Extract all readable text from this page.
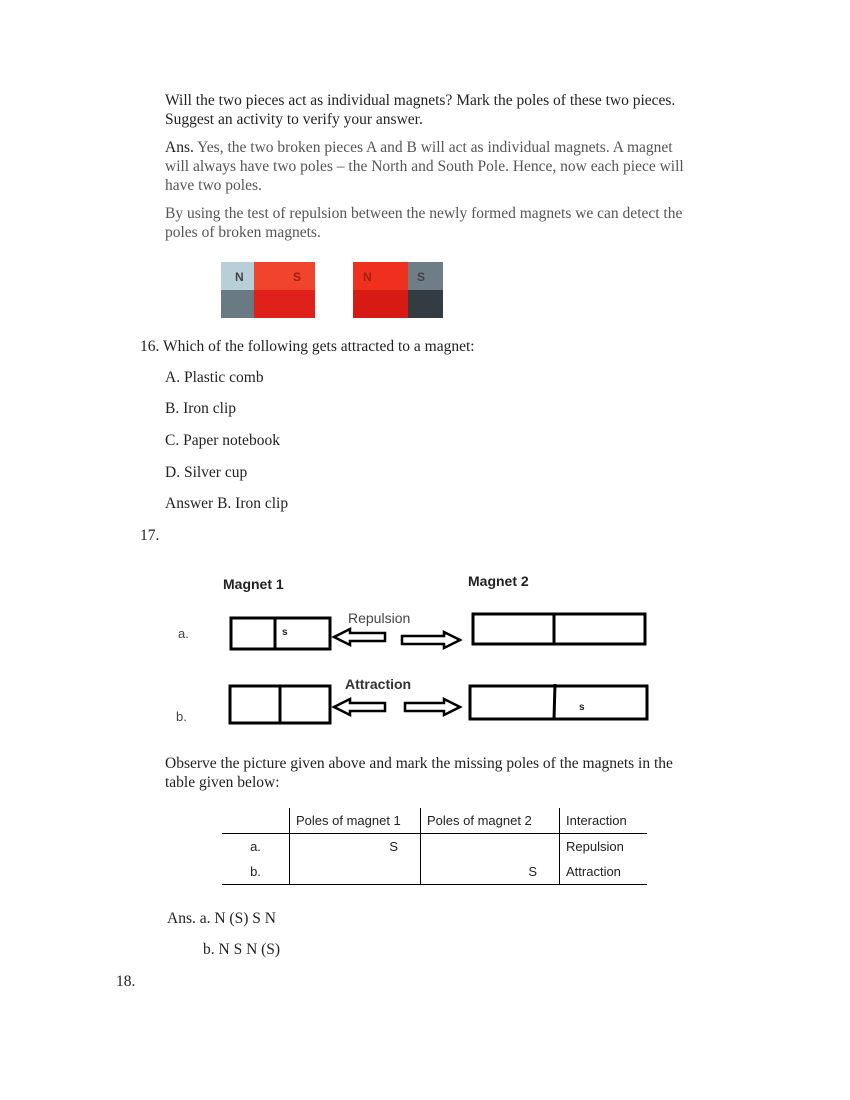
Will the two pieces act as individual magnets? Mark the poles of these two pieces.
Suggest an activity to verify your answer.
Ans. Yes, the two broken pieces A and B will act as individual magnets. A magnet
will always have two poles – the North and South Pole. Hence, now each piece will
have two poles.
By using the test of repulsion between the newly formed magnets we can detect the
poles of broken magnets.
N	S	N	S
16. Which of the following gets attracted to a magnet:
A. Plastic comb
B. Iron clip
C. Paper notebook
D. Silver cup
Answer B. Iron clip
17.
Magnet 1	Magnet 2
a.
b.
Repulsion
Attraction
s
s
Observe the picture given above and mark the missing poles of the magnets in the
table given below:
	Poles of magnet 1	Poles of magnet 2	Interaction
a.	S		Repulsion
b.		S	Attraction
Ans. a. N (S) S N
b. N S N (S)
18.
